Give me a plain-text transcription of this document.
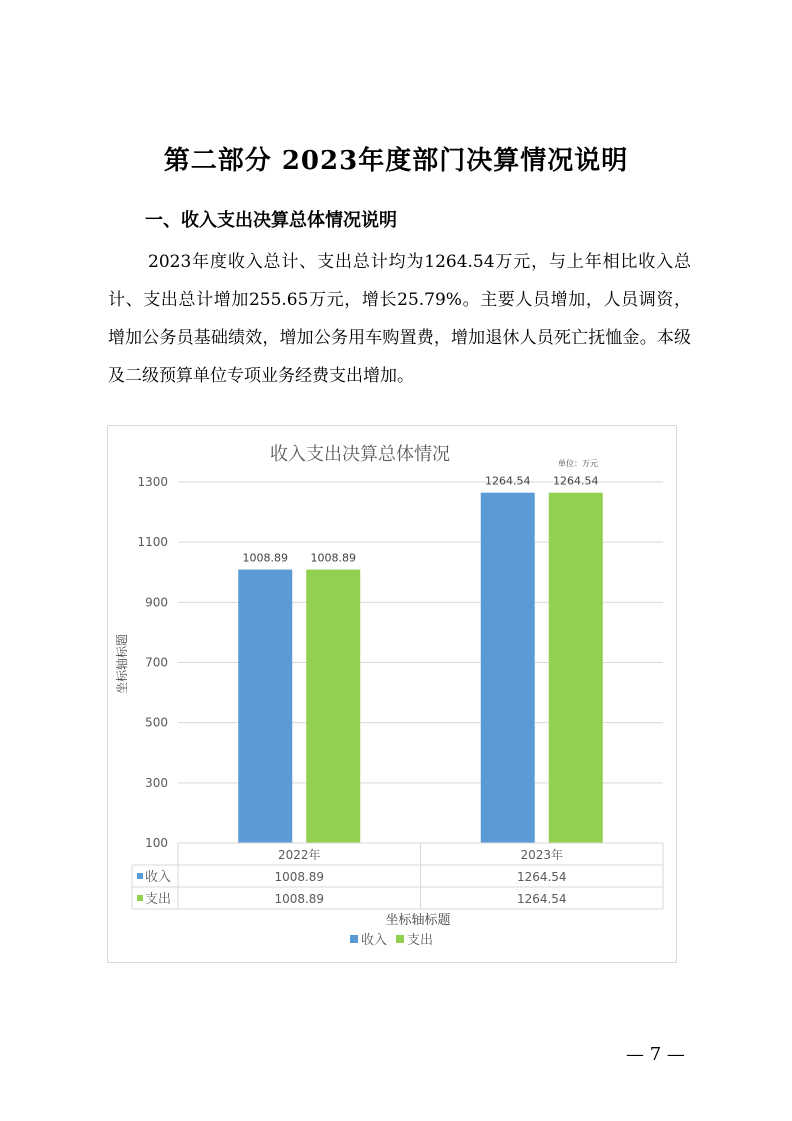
第二部分 2023年度部门决算情况说明
一、收入支出决算总体情况说明
2023年度收入总计、支出总计均为1264.54万元，与上年相比收入总计、支出总计增加255.65万元，增长25.79%。主要人员增加，人员调资，增加公务员基础绩效，增加公务用车购置费，增加退休人员死亡抚恤金。本级及二级预算单位专项业务经费支出增加。
收入支出决算总体情况	单位：万元
坐标轴标题
100
300
500
700
900
1100
1300
1008.89 1008.89
1264.54 1264.54
2022年	2023年
收入	1008.89	1264.54
支出	1008.89	1264.54
坐标轴标题
收入 支出
— 7 —
